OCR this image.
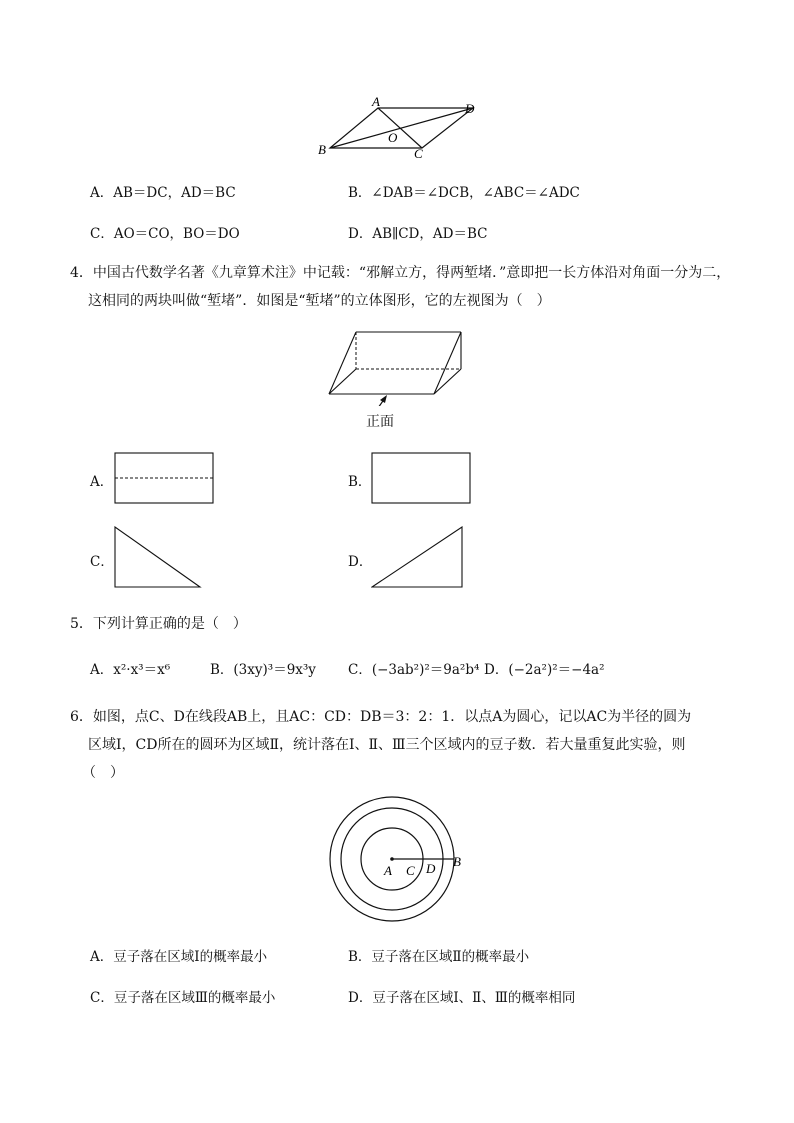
A	D
O
B	C
A．AB＝DC，AD＝BC	B．∠DAB＝∠DCB，∠ABC＝∠ADC
C．AO＝CO，BO＝DO	D．AB∥CD，AD＝BC
4．中国古代数学名著《九章算术注》中记载：“邪解立方，得两堑堵．”意即把一长方体沿对角面一分为二，
这相同的两块叫做“堑堵”．如图是“堑堵”的立体图形，它的左视图为（　）
正面
A．	B．
C．	D．
5．下列计算正确的是（　）
A．x²·x³＝x⁶	B．(3xy)³＝9x³y C．(−3ab²)²＝9a²b⁴ D．(−2a²)²＝−4a²
6．如图，点C、D在线段AB上，且AC：CD：DB＝3：2：1．以点A为圆心，记以AC为半径的圆为
区域Ⅰ，CD所在的圆环为区域Ⅱ，统计落在Ⅰ、Ⅱ、Ⅲ三个区域内的豆子数．若大量重复此实验，则
（　）
A C D B
A．豆子落在区域Ⅰ的概率最小	B．豆子落在区域Ⅱ的概率最小
C．豆子落在区域Ⅲ的概率最小	D．豆子落在区域Ⅰ、Ⅱ、Ⅲ的概率相同
